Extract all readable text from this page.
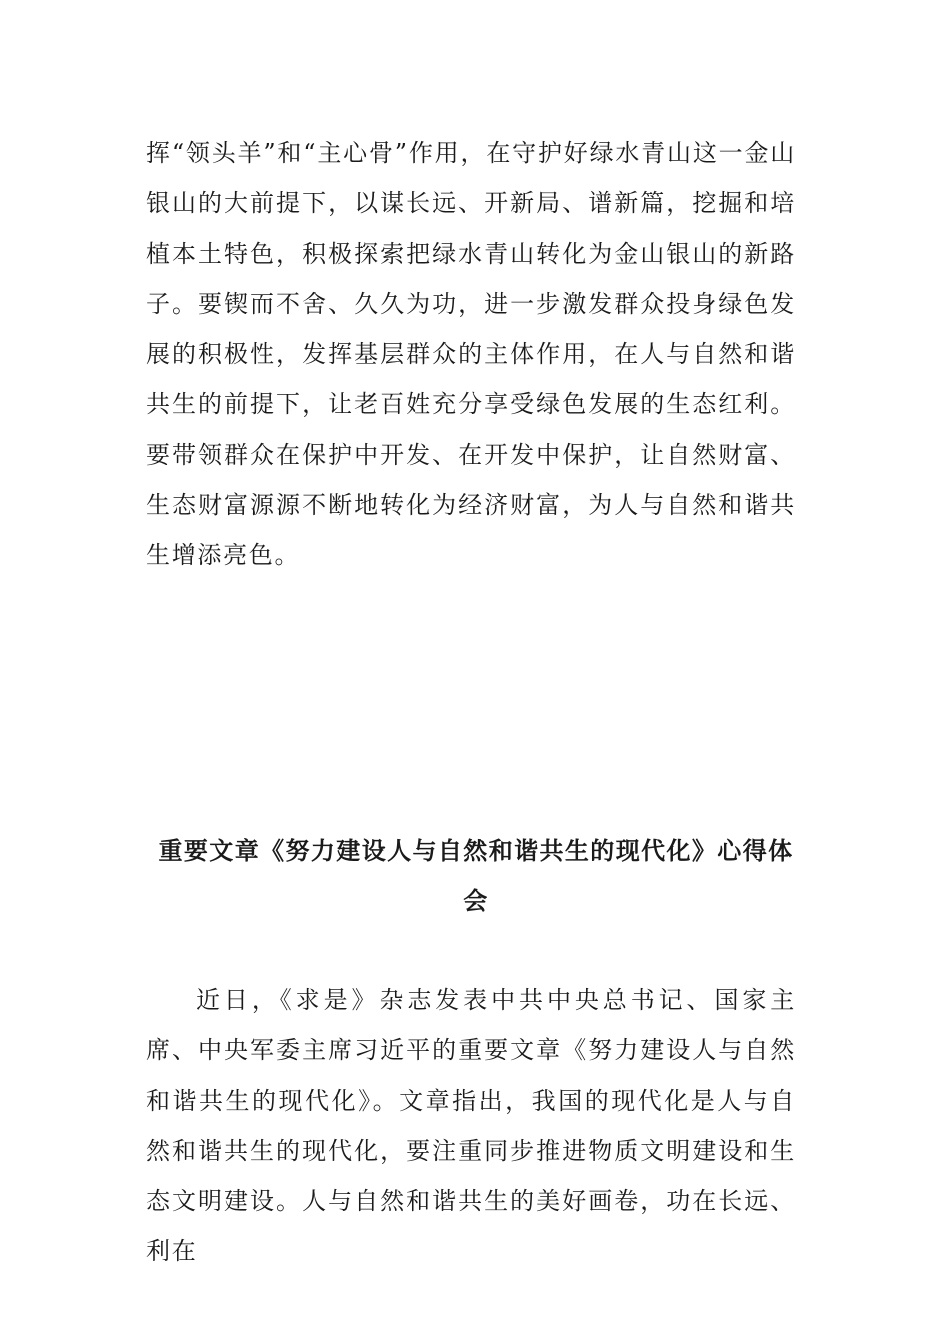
挥“领头羊”和“主心骨”作用，在守护好绿水青山这一金山银山的大前提下，以谋长远、开新局、谱新篇，挖掘和培植本土特色，积极探索把绿水青山转化为金山银山的新路子。要锲而不舍、久久为功，进一步激发群众投身绿色发展的积极性，发挥基层群众的主体作用，在人与自然和谐共生的前提下，让老百姓充分享受绿色发展的生态红利。要带领群众在保护中开发、在开发中保护，让自然财富、生态财富源源不断地转化为经济财富，为人与自然和谐共生增添亮色。

重要文章《努力建设人与自然和谐共生的现代化》心得体会

近日，《求是》杂志发表中共中央总书记、国家主席、中央军委主席习近平的重要文章《努力建设人与自然和谐共生的现代化》。文章指出，我国的现代化是人与自然和谐共生的现代化，要注重同步推进物质文明建设和生态文明建设。人与自然和谐共生的美好画卷，功在长远、利在
